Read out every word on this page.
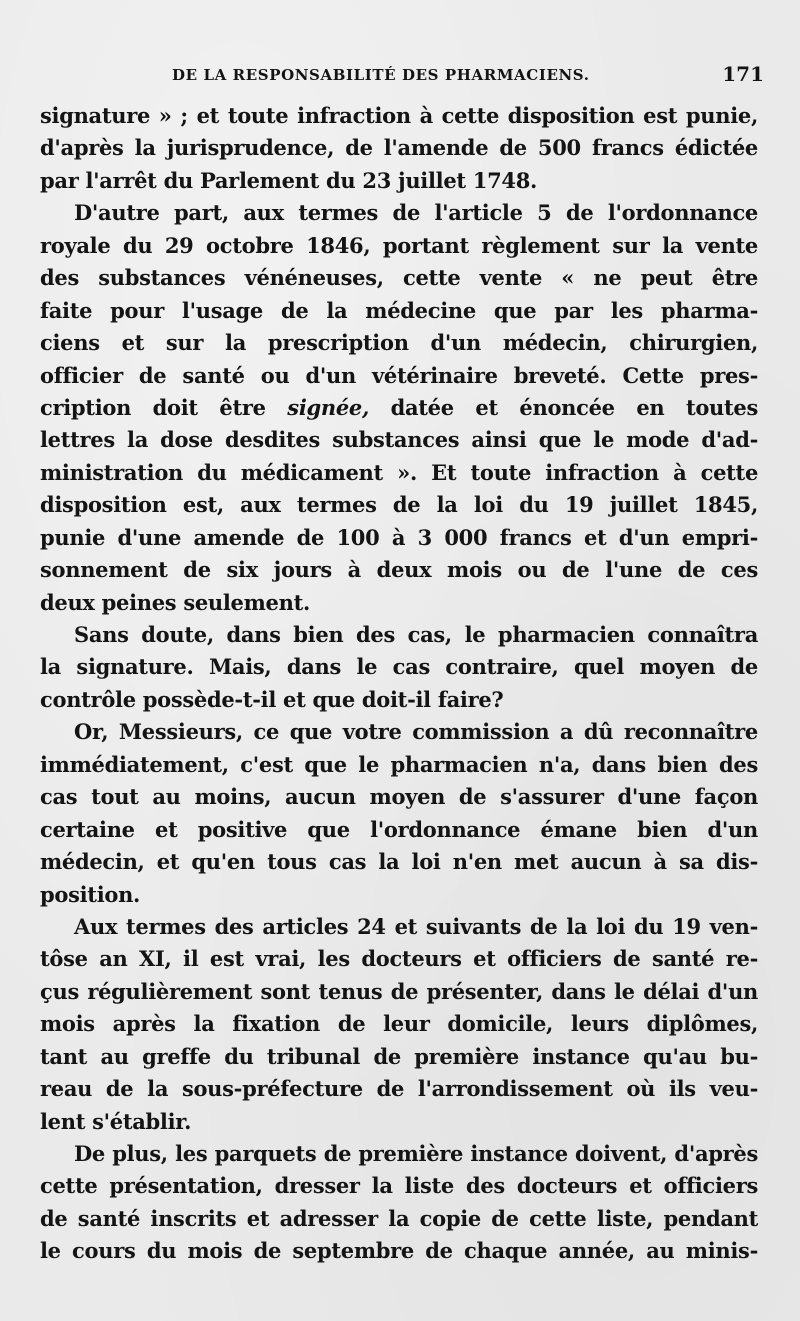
DE LA RESPONSABILITÉ DES PHARMACIENS.	171
signature » ; et toute infraction à cette disposition est punie,
d'après la jurisprudence, de l'amende de 500 francs édictée
par l'arrêt du Parlement du 23 juillet 1748.
D'autre part, aux termes de l'article 5 de l'ordonnance
royale du 29 octobre 1846, portant règlement sur la vente
des substances vénéneuses, cette vente « ne peut être
faite pour l'usage de la médecine que par les pharma-
ciens et sur la prescription d'un médecin, chirurgien,
officier de santé ou d'un vétérinaire breveté. Cette pres-
cription doit être signée, datée et énoncée en toutes
lettres la dose desdites substances ainsi que le mode d'ad-
ministration du médicament ». Et toute infraction à cette
disposition est, aux termes de la loi du 19 juillet 1845,
punie d'une amende de 100 à 3 000 francs et d'un empri-
sonnement de six jours à deux mois ou de l'une de ces
deux peines seulement.
Sans doute, dans bien des cas, le pharmacien connaîtra
la signature. Mais, dans le cas contraire, quel moyen de
contrôle possède-t-il et que doit-il faire?
Or, Messieurs, ce que votre commission a dû reconnaître
immédiatement, c'est que le pharmacien n'a, dans bien des
cas tout au moins, aucun moyen de s'assurer d'une façon
certaine et positive que l'ordonnance émane bien d'un
médecin, et qu'en tous cas la loi n'en met aucun à sa dis-
position.
Aux termes des articles 24 et suivants de la loi du 19 ven-
tôse an XI, il est vrai, les docteurs et officiers de santé re-
çus régulièrement sont tenus de présenter, dans le délai d'un
mois après la fixation de leur domicile, leurs diplômes,
tant au greffe du tribunal de première instance qu'au bu-
reau de la sous-préfecture de l'arrondissement où ils veu-
lent s'établir.
De plus, les parquets de première instance doivent, d'après
cette présentation, dresser la liste des docteurs et officiers
de santé inscrits et adresser la copie de cette liste, pendant
le cours du mois de septembre de chaque année, au minis-
